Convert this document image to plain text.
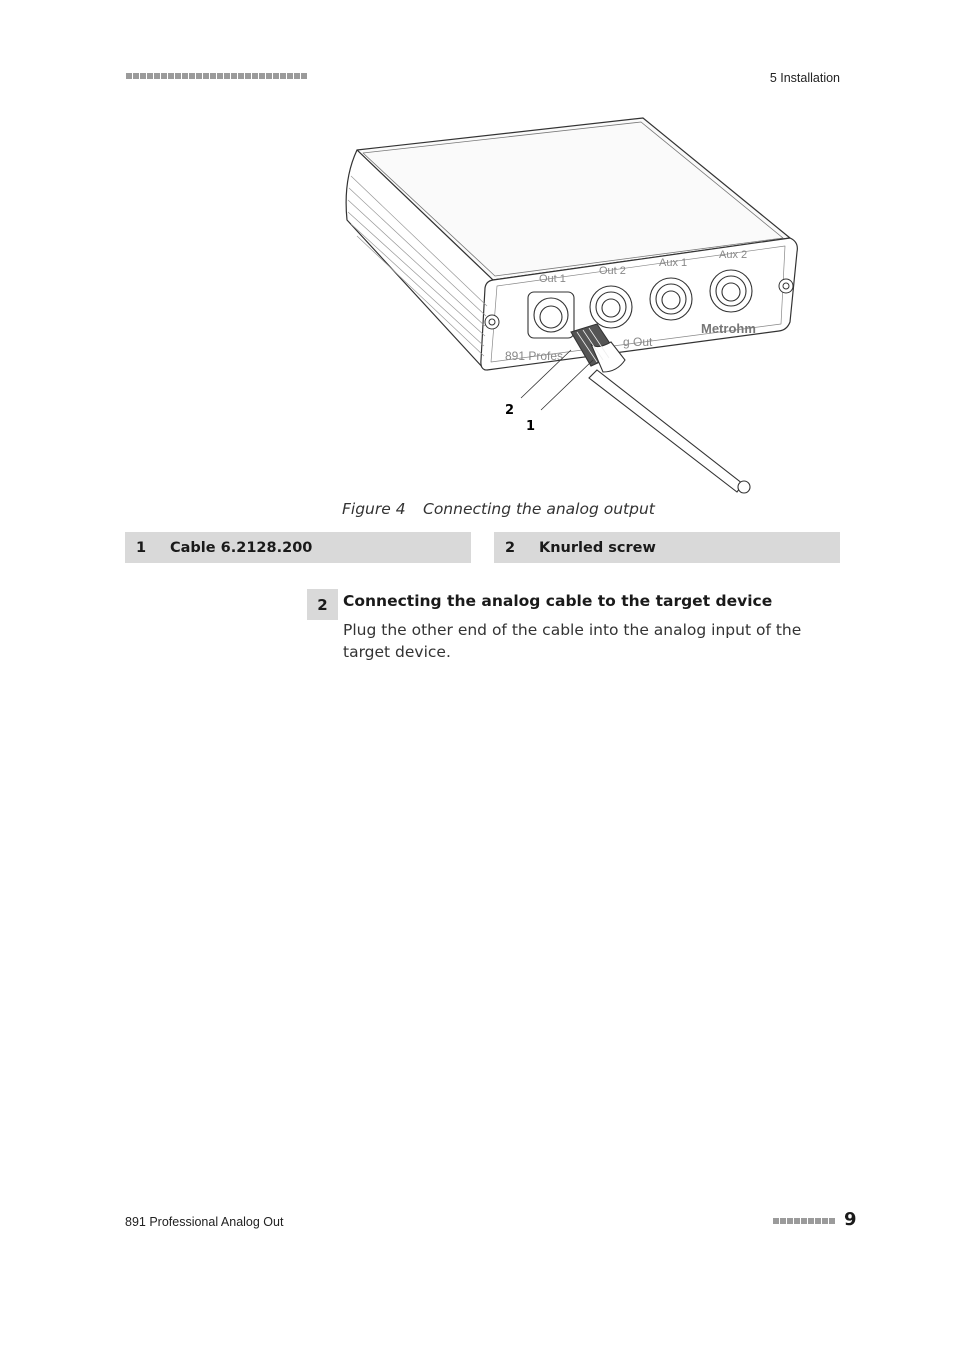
5 Installation
Out 1
Out 2
Aux 1
Aux 2
891 Profes
g Out
Metrohm
2
1
Figure 4 Connecting the analog output
1	Cable 6.2128.200	2	Knurled screw
2 Connecting the analog cable to the target device
Plug the other end of the cable into the analog input of the target device.
891 Professional Analog Out	9
